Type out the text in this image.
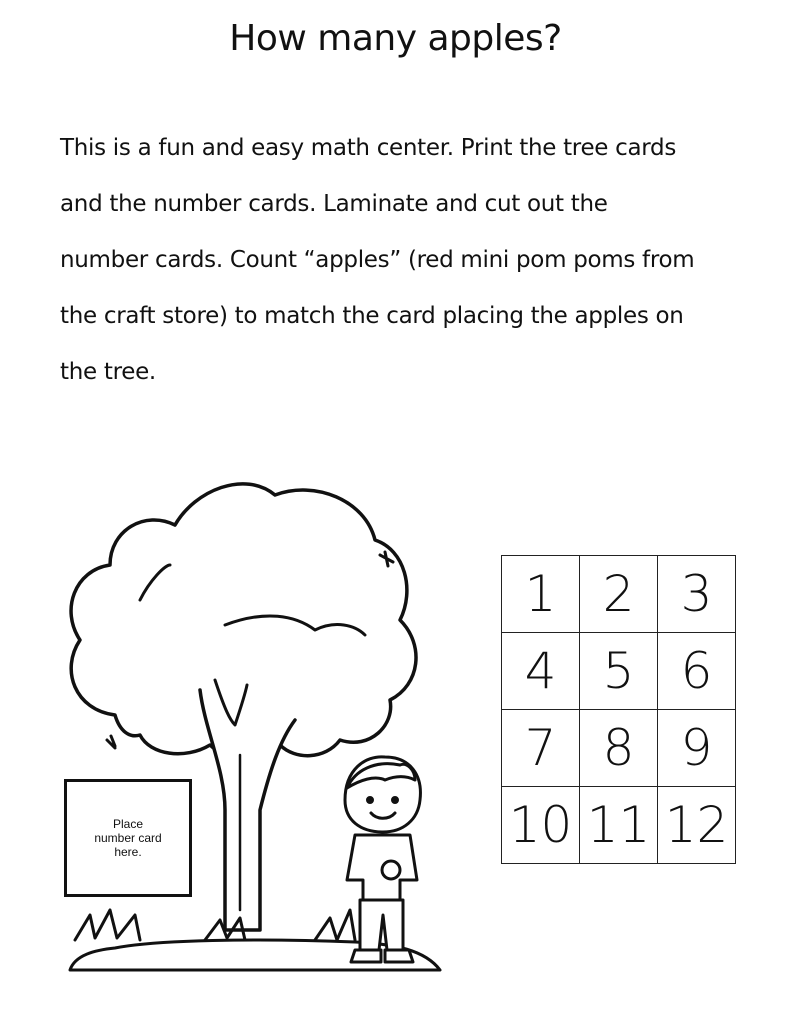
How many apples?
This is a fun and easy math center. Print the tree cards
and the number cards. Laminate and cut out the
number cards. Count “apples” (red mini pom poms from
the craft store) to match the card placing the apples on
the tree.
Place
number card
here.
1 2 3
4 5 6
7 8 9
10 11 12
